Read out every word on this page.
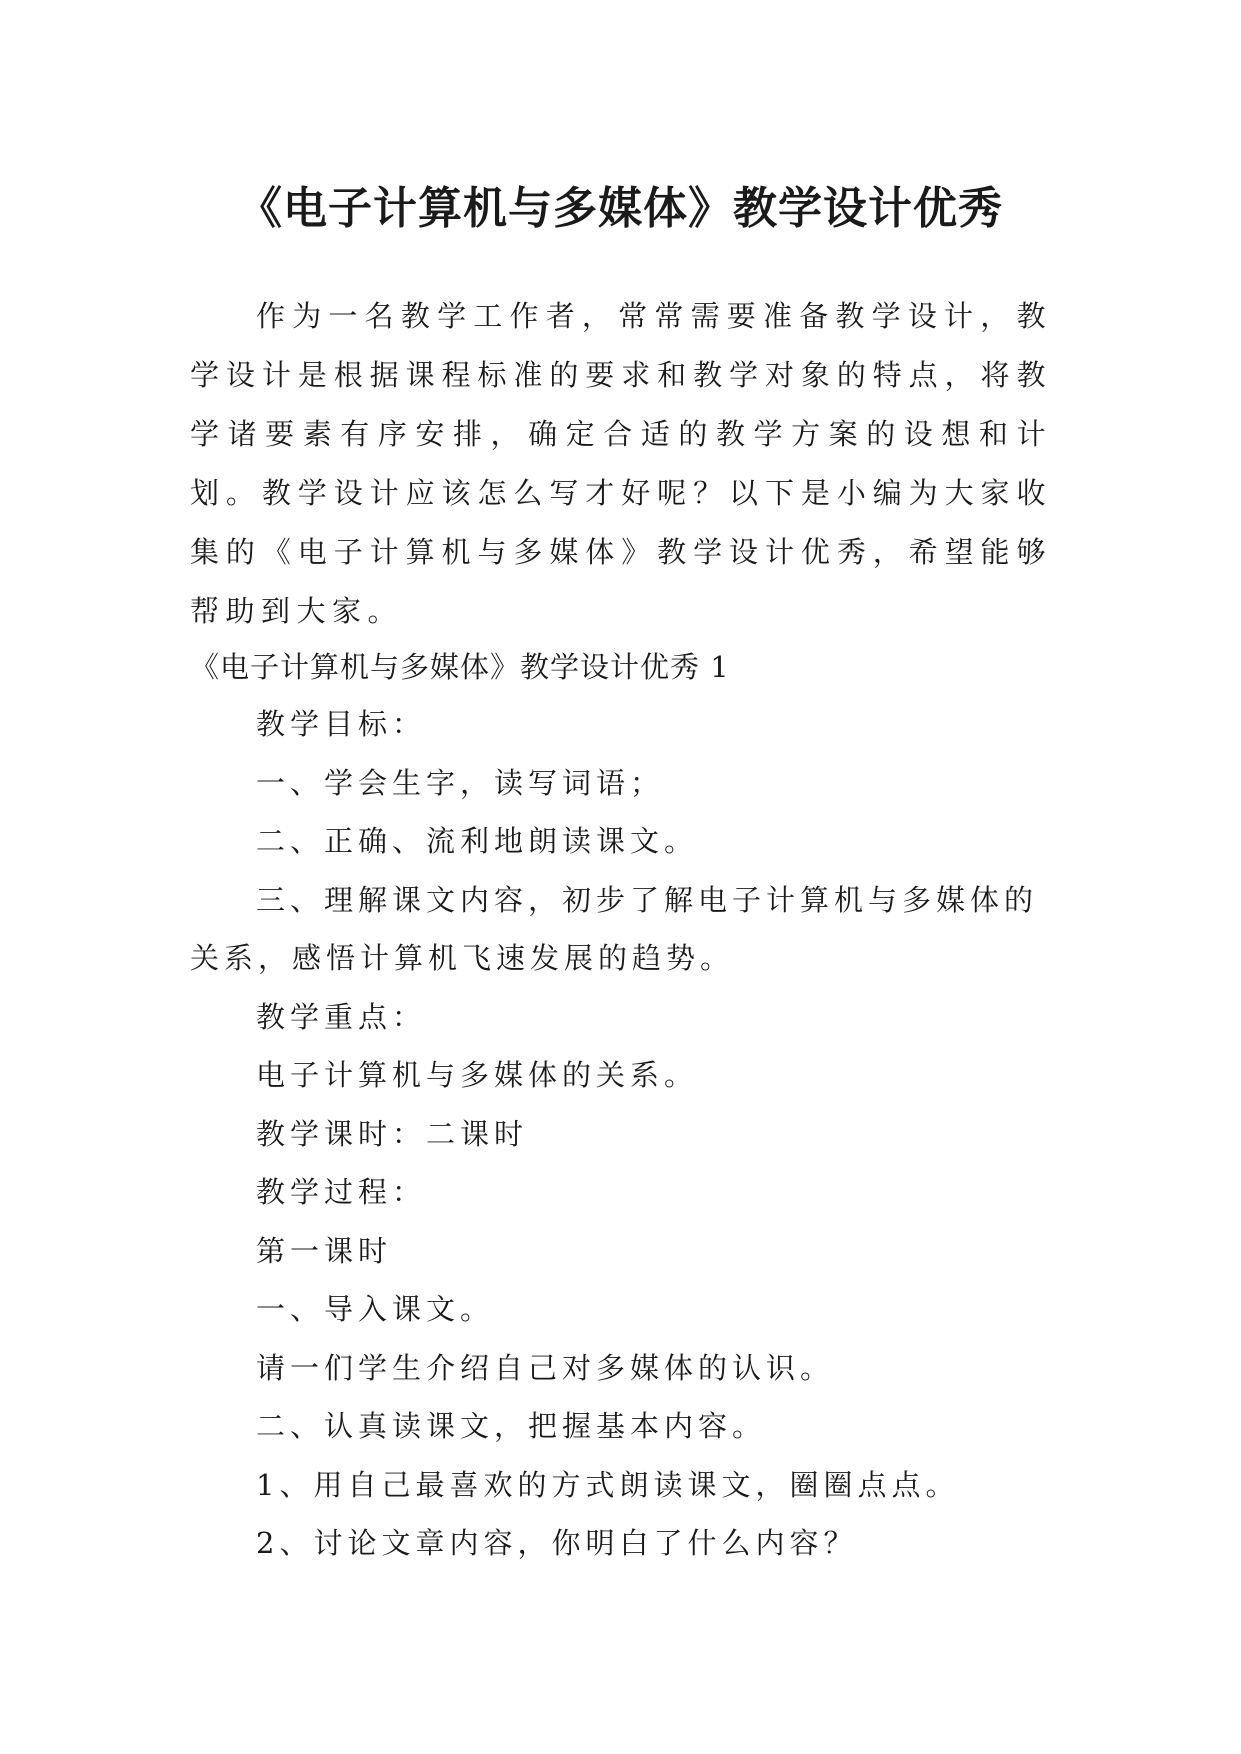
《电子计算机与多媒体》教学设计优秀

作为一名教学工作者，常常需要准备教学设计，教学设计是根据课程标准的要求和教学对象的特点，将教学诸要素有序安排，确定合适的教学方案的设想和计划。教学设计应该怎么写才好呢？以下是小编为大家收集的《电子计算机与多媒体》教学设计优秀，希望能够帮助到大家。

《电子计算机与多媒体》教学设计优秀 1

教学目标：

一、学会生字，读写词语；

二、正确、流利地朗读课文。

三、理解课文内容，初步了解电子计算机与多媒体的关系，感悟计算机飞速发展的趋势。

教学重点：

电子计算机与多媒体的关系。

教学课时：二课时

教学过程：

第一课时

一、导入课文。

请一们学生介绍自己对多媒体的认识。

二、认真读课文，把握基本内容。

1、用自己最喜欢的方式朗读课文，圈圈点点。

2、讨论文章内容，你明白了什么内容？
